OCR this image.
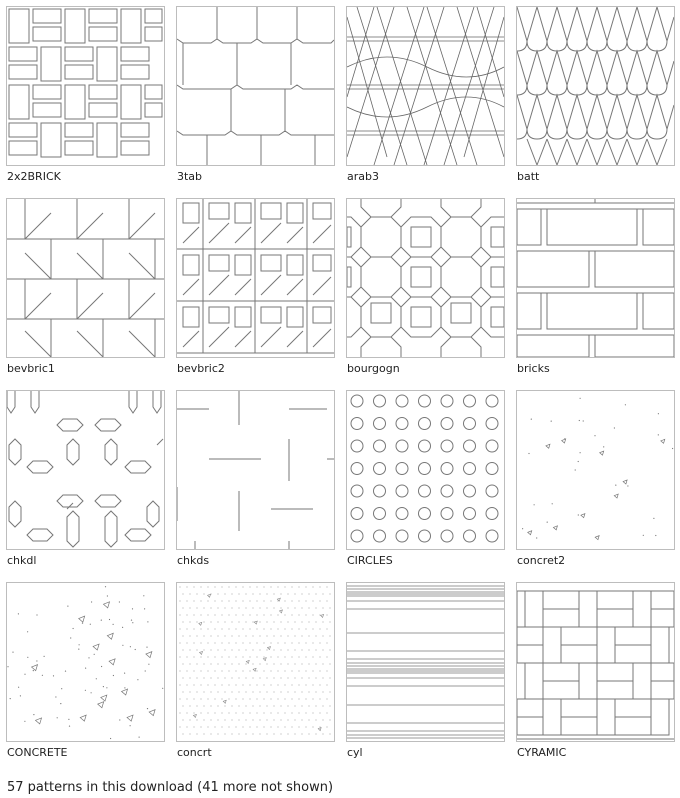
2x2BRICK	3tab	arab3	batt
bevbric1	bevbric2	bourgogn	bricks
chkdl	chkds	CIRCLES	concret2
CONCRETE	concrt	cyl	CYRAMIC
57 patterns in this download (41 more not shown)
